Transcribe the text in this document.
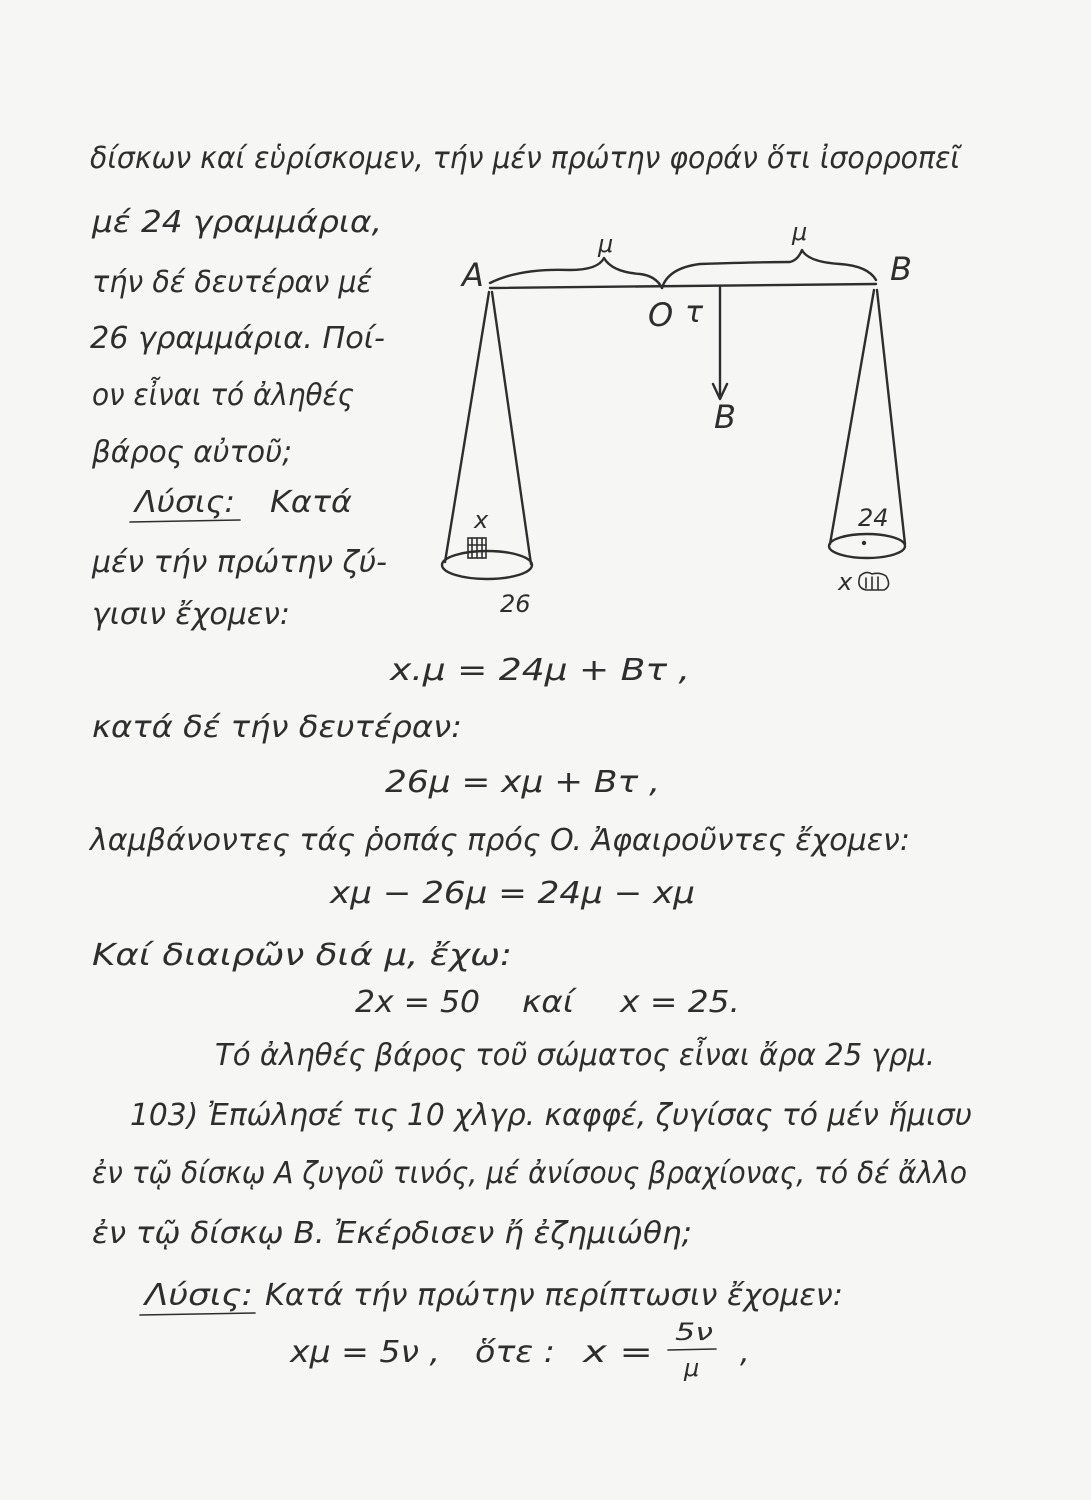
δίσκων καί εὑρίσκομεν, τήν μέν πρώτην φοράν ὅτι ἰσορροπεῖ
μέ 24 γραμμάρια,
τήν δέ δευτέραν μέ
26 γραμμάρια. Ποί-
ον εἶναι τό ἀληθές
βάρος αὐτοῦ;
Λύσις: Κατά
μέν τήν πρώτην ζύ-
γισιν ἔχομεν:
x.μ = 24μ + Bτ ,
κατά δέ τήν δευτέραν:
26μ = xμ + Bτ ,
λαμβάνοντες τάς ῥοπάς πρός O. Ἀφαιροῦντες ἔχομεν:
xμ − 26μ = 24μ − xμ
Καί διαιρῶν διά μ, ἔχω:
2x = 50 καί x = 25.
Τό ἀληθές βάρος τοῦ σώματος εἶναι ἄρα 25 γρμ.
103) Ἐπώλησέ τις 10 χλγρ. καφφέ, ζυγίσας τό μέν ἥμισυ
ἐν τῷ δίσκῳ A ζυγοῦ τινός, μέ ἀνίσους βραχίονας, τό δέ ἄλλο
ἐν τῷ δίσκῳ B. Ἐκέρδισεν ἤ ἐζημιώθη;
Λύσις: Κατά τήν πρώτην περίπτωσιν ἔχομεν:
xμ = 5ν , ὅτε : x =
5ν
μ ,
A	B
μ	μ
O τ
B
x
26
24
x
